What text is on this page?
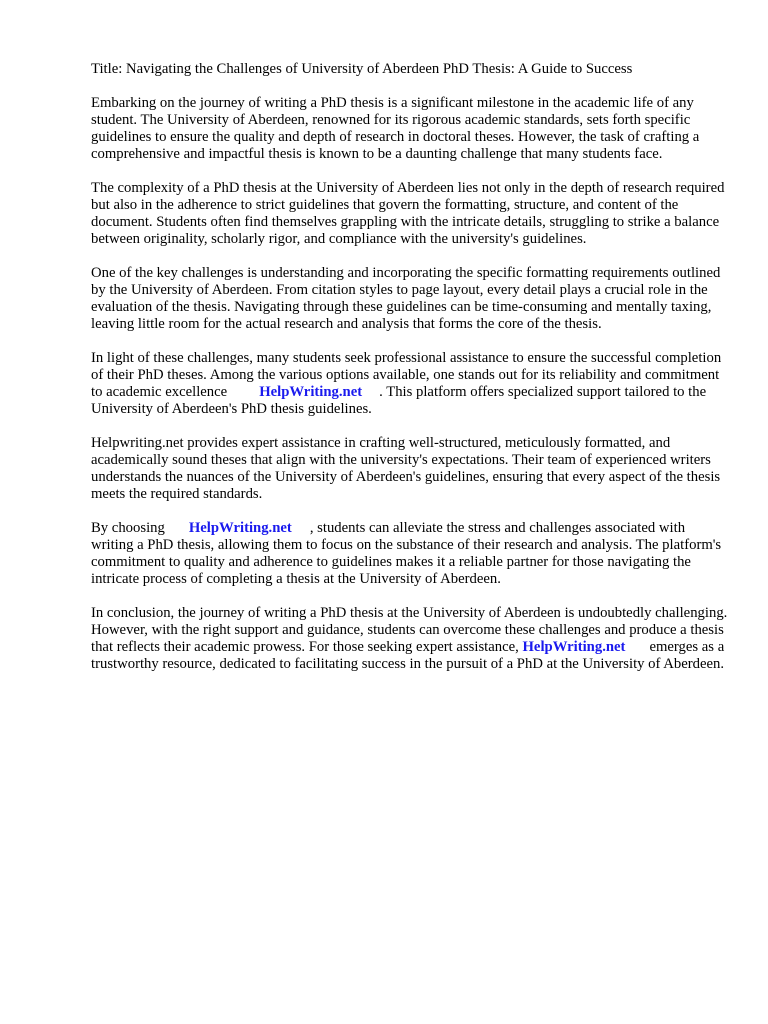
Title: Navigating the Challenges of University of Aberdeen PhD Thesis: A Guide to Success

Embarking on the journey of writing a PhD thesis is a significant milestone in the academic life of any student. The University of Aberdeen, renowned for its rigorous academic standards, sets forth specific guidelines to ensure the quality and depth of research in doctoral theses. However, the task of crafting a comprehensive and impactful thesis is known to be a daunting challenge that many students face.

The complexity of a PhD thesis at the University of Aberdeen lies not only in the depth of research required but also in the adherence to strict guidelines that govern the formatting, structure, and content of the document. Students often find themselves grappling with the intricate details, struggling to strike a balance between originality, scholarly rigor, and compliance with the university's guidelines.

One of the key challenges is understanding and incorporating the specific formatting requirements outlined by the University of Aberdeen. From citation styles to page layout, every detail plays a crucial role in the evaluation of the thesis. Navigating through these guidelines can be time-consuming and mentally taxing, leaving little room for the actual research and analysis that forms the core of the thesis.

In light of these challenges, many students seek professional assistance to ensure the successful completion of their PhD theses. Among the various options available, one stands out for its reliability and commitment to academic excellence HelpWriting.net . This platform offers specialized support tailored to the University of Aberdeen's PhD thesis guidelines.

Helpwriting.net provides expert assistance in crafting well-structured, meticulously formatted, and academically sound theses that align with the university's expectations. Their team of experienced writers understands the nuances of the University of Aberdeen's guidelines, ensuring that every aspect of the thesis meets the required standards.

By choosing HelpWriting.net , students can alleviate the stress and challenges associated with writing a PhD thesis, allowing them to focus on the substance of their research and analysis. The platform's commitment to quality and adherence to guidelines makes it a reliable partner for those navigating the intricate process of completing a thesis at the University of Aberdeen.

In conclusion, the journey of writing a PhD thesis at the University of Aberdeen is undoubtedly challenging. However, with the right support and guidance, students can overcome these challenges and produce a thesis that reflects their academic prowess. For those seeking expert assistance, HelpWriting.net emerges as a trustworthy resource, dedicated to facilitating success in the pursuit of a PhD at the University of Aberdeen.
